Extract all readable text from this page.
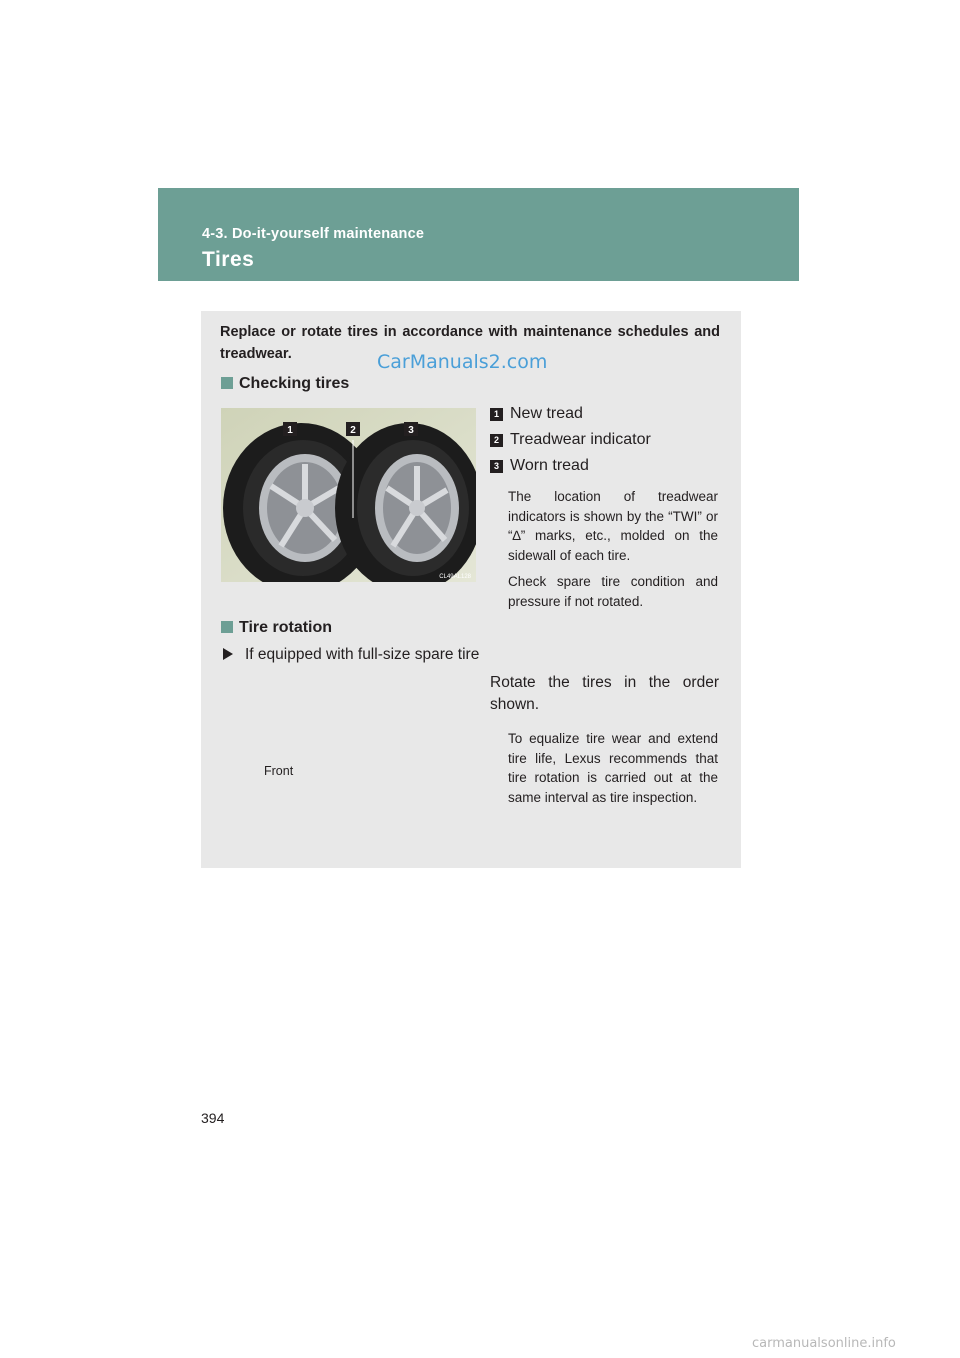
4-3. Do-it-yourself maintenance
Tires
Replace or rotate tires in accordance with maintenance schedules and treadwear.	CarManuals2.com
Checking tires
1	2	3
CL49AL128
1 New tread
2 Treadwear indicator
3 Worn tread
The location of treadwear indicators is shown by the “TWI” or “∆” marks, etc., molded on the sidewall of each tire.
Check spare tire condition and pressure if not rotated.
Tire rotation
If equipped with full-size spare tire
Rotate the tires in the order shown.
Front
To equalize tire wear and extend tire life, Lexus recommends that tire rotation is carried out at the same interval as tire inspection.
394
carmanualsonline.info
